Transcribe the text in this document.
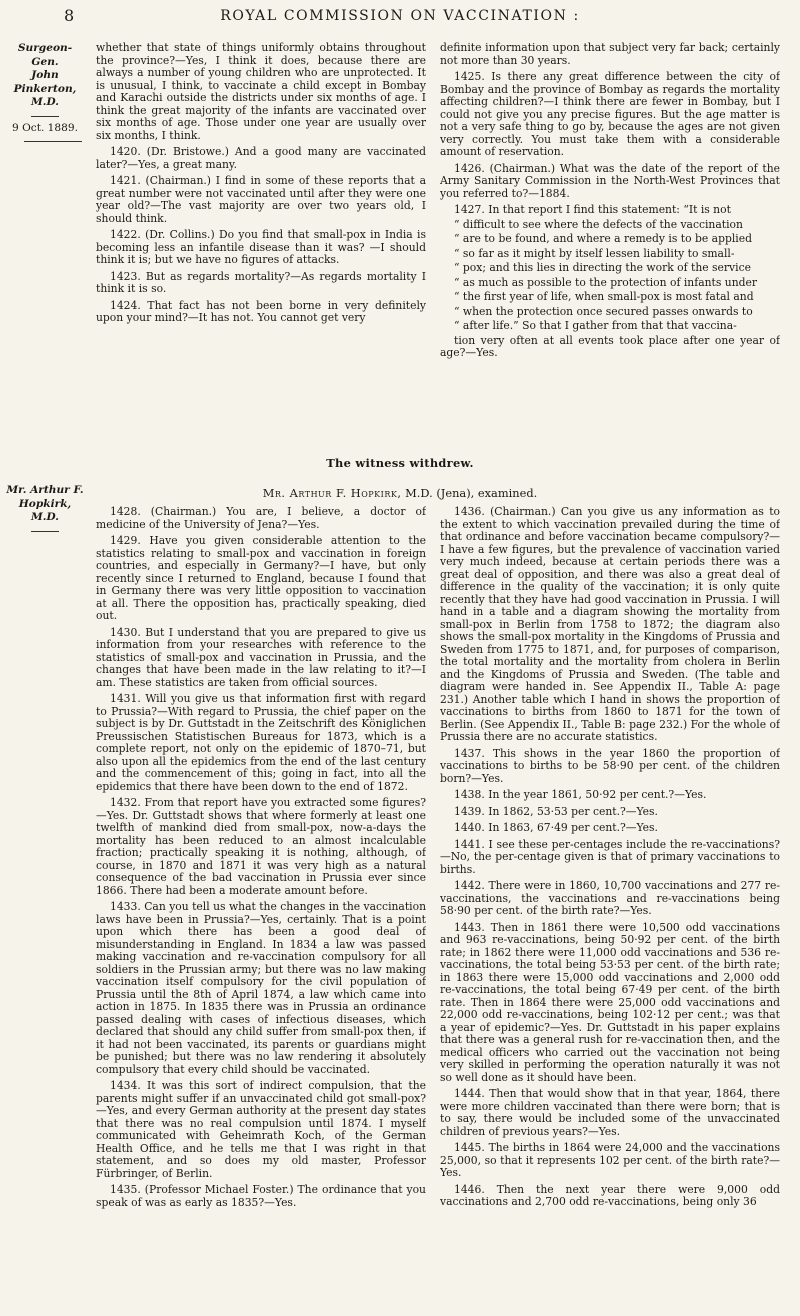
8	ROYAL COMMISSION ON VACCINATION :
Surgeon-Gen.
John
Pinkerton,
M.D.
9 Oct. 1889.

whether that state of things uniformly obtains throughout the province?—Yes, I think it does, because there are always a number of young children who are unprotected. It is unusual, I think, to vaccinate a child except in Bombay and Karachi outside the districts under six months of age. I think the great majority of the infants are vaccinated over six months of age. Those under one year are usually over six months, I think.

1420. (Dr. Bristowe.) And a good many are vaccinated later?—Yes, a great many.

1421. (Chairman.) I find in some of these reports that a great number were not vaccinated until after they were one year old?—The vast majority are over two years old, I should think.

1422. (Dr. Collins.) Do you find that small-pox in India is becoming less an infantile disease than it was? —I should think it is; but we have no figures of attacks.

1423. But as regards mortality?—As regards mortality I think it is so.

1424. That fact has not been borne in very definitely upon your mind?—It has not. You cannot get very

definite information upon that subject very far back; certainly not more than 30 years.

1425. Is there any great difference between the city of Bombay and the province of Bombay as regards the mortality affecting children?—I think there are fewer in Bombay, but I could not give you any precise figures. But the age matter is not a very safe thing to go by, because the ages are not given very correctly. You must take them with a considerable amount of reservation.

1426. (Chairman.) What was the date of the report of the Army Sanitary Commission in the North-West Provinces that you referred to?—1884.

1427. In that report I find this statement: “It is not
“ difficult to see where the defects of the vaccination
“ are to be found, and where a remedy is to be applied
“ so far as it might by itself lessen liability to small-
“ pox; and this lies in directing the work of the service
“ as much as possible to the protection of infants under
“ the first year of life, when small-pox is most fatal and
“ when the protection once secured passes onwards to
“ after life.” So that I gather from that that vaccina-
tion very often at all events took place after one year of age?—Yes.

The witness withdrew.
Mr. Arthur F.
Hopkirk,
M.D.
Mr. Arthur F. Hopkirk, M.D. (Jena), examined.

1428. (Chairman.) You are, I believe, a doctor of medicine of the University of Jena?—Yes.

1429. Have you given considerable attention to the statistics relating to small-pox and vaccination in foreign countries, and especially in Germany?—I have, but only recently since I returned to England, because I found that in Germany there was very little opposition to vaccination at all. There the opposition has, practically speaking, died out.

1430. But I understand that you are prepared to give us information from your researches with reference to the statistics of small-pox and vaccination in Prussia, and the changes that have been made in the law relating to it?—I am. These statistics are taken from official sources.

1431. Will you give us that information first with regard to Prussia?—With regard to Prussia, the chief paper on the subject is by Dr. Guttstadt in the Zeitschrift des Königlichen Preussischen Statistischen Bureaus for 1873, which is a complete report, not only on the epidemic of 1870–71, but also upon all the epidemics from the end of the last century and the commencement of this; going in fact, into all the epidemics that there have been down to the end of 1872.

1432. From that report have you extracted some figures?—Yes. Dr. Guttstadt shows that where formerly at least one twelfth of mankind died from small-pox, now-a-days the mortality has been reduced to an almost incalculable fraction; practically speaking it is nothing, although, of course, in 1870 and 1871 it was very high as a natural consequence of the bad vaccination in Prussia ever since 1866. There had been a moderate amount before.

1433. Can you tell us what the changes in the vaccination laws have been in Prussia?—Yes, certainly. That is a point upon which there has been a good deal of misunderstanding in England. In 1834 a law was passed making vaccination and re-vaccination compulsory for all soldiers in the Prussian army; but there was no law making vaccination itself compulsory for the civil population of Prussia until the 8th of April 1874, a law which came into action in 1875. In 1835 there was in Prussia an ordinance passed dealing with cases of infectious diseases, which declared that should any child suffer from small-pox then, if it had not been vaccinated, its parents or guardians might be punished; but there was no law rendering it absolutely compulsory that every child should be vaccinated.

1434. It was this sort of indirect compulsion, that the parents might suffer if an unvaccinated child got small-pox?—Yes, and every German authority at the present day states that there was no real compulsion until 1874. I myself communicated with Geheimrath Koch, of the German Health Office, and he tells me that I was right in that statement, and so does my old master, Professor Fürbringer, of Berlin.

1435. (Professor Michael Foster.) The ordinance that you speak of was as early as 1835?—Yes.

1436. (Chairman.) Can you give us any information as to the extent to which vaccination prevailed during the time of that ordinance and before vaccination became compulsory?—I have a few figures, but the prevalence of vaccination varied very much indeed, because at certain periods there was a great deal of opposition, and there was also a great deal of difference in the quality of the vaccination; it is only quite recently that they have had good vaccination in Prussia. I will hand in a table and a diagram showing the mortality from small-pox in Berlin from 1758 to 1872; the diagram also shows the small-pox mortality in the Kingdoms of Prussia and Sweden from 1775 to 1871, and, for purposes of comparison, the total mortality and the mortality from cholera in Berlin and the Kingdoms of Prussia and Sweden. (The table and diagram were handed in. See Appendix II., Table A: page 231.) Another table which I hand in shows the proportion of vaccinations to births from 1860 to 1871 for the town of Berlin. (See Appendix II., Table B: page 232.) For the whole of Prussia there are no accurate statistics.

1437. This shows in the year 1860 the proportion of vaccinations to births to be 58·90 per cent. of the children born?—Yes.

1438. In the year 1861, 50·92 per cent.?—Yes.

1439. In 1862, 53·53 per cent.?—Yes.

1440. In 1863, 67·49 per cent.?—Yes.

1441. I see these per-centages include the re-vaccinations?—No, the per-centage given is that of primary vaccinations to births.

1442. There were in 1860, 10,700 vaccinations and 277 re-vaccinations, the vaccinations and re-vaccinations being 58·90 per cent. of the birth rate?—Yes.

1443. Then in 1861 there were 10,500 odd vaccinations and 963 re-vaccinations, being 50·92 per cent. of the birth rate; in 1862 there were 11,000 odd vaccinations and 536 re-vaccinations, the total being 53·53 per cent. of the birth rate; in 1863 there were 15,000 odd vaccinations and 2,000 odd re-vaccinations, the total being 67·49 per cent. of the birth rate. Then in 1864 there were 25,000 odd vaccinations and 22,000 odd re-vaccinations, being 102·12 per cent.; was that a year of epidemic?—Yes. Dr. Guttstadt in his paper explains that there was a general rush for re-vaccination then, and the medical officers who carried out the vaccination not being very skilled in performing the operation naturally it was not so well done as it should have been.

1444. Then that would show that in that year, 1864, there were more children vaccinated than there were born; that is to say, there would be included some of the unvaccinated children of previous years?—Yes.

1445. The births in 1864 were 24,000 and the vaccinations 25,000, so that it represents 102 per cent. of the birth rate?—Yes.

1446. Then the next year there were 9,000 odd vaccinations and 2,700 odd re-vaccinations, being only 36
